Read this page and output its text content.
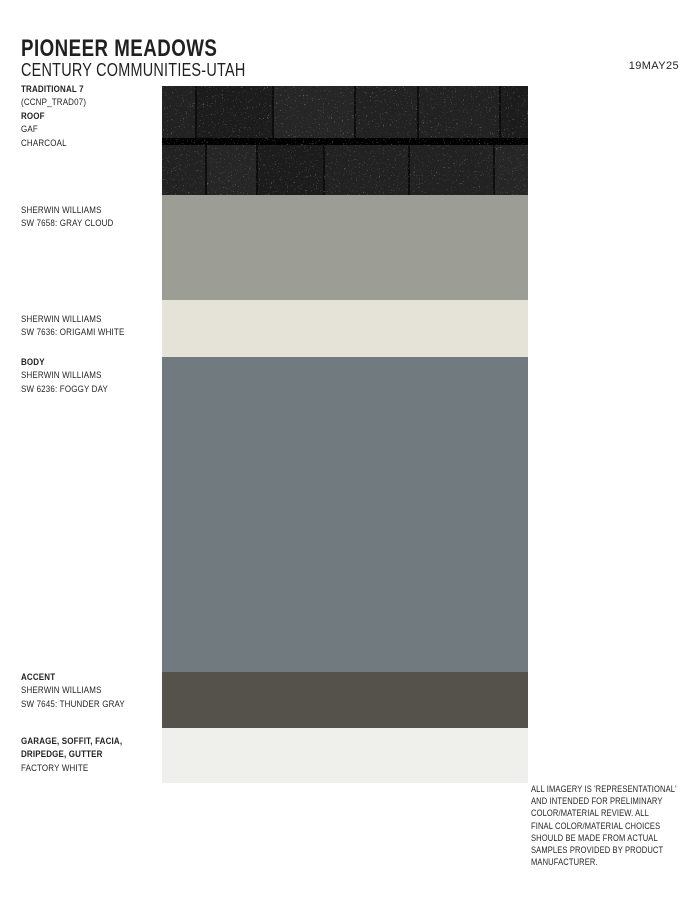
PIONEER MEADOWS
CENTURY COMMUNITIES-UTAH	19MAY25
TRADITIONAL 7
(CCNP_TRAD07)
ROOF
GAF
CHARCOAL
SHERWIN WILLIAMS
SW 7658: GRAY CLOUD
SHERWIN WILLIAMS
SW 7636: ORIGAMI WHITE
BODY
SHERWIN WILLIAMS
SW 6236: FOGGY DAY
ACCENT
SHERWIN WILLIAMS
SW 7645: THUNDER GRAY
GARAGE, SOFFIT, FACIA,
DRIPEDGE, GUTTER
FACTORY WHITE
ALL IMAGERY IS 'REPRESENTATIONAL'
AND INTENDED FOR PRELIMINARY
COLOR/MATERIAL REVIEW. ALL
FINAL COLOR/MATERIAL CHOICES
SHOULD BE MADE FROM ACTUAL
SAMPLES PROVIDED BY PRODUCT
MANUFACTURER.
